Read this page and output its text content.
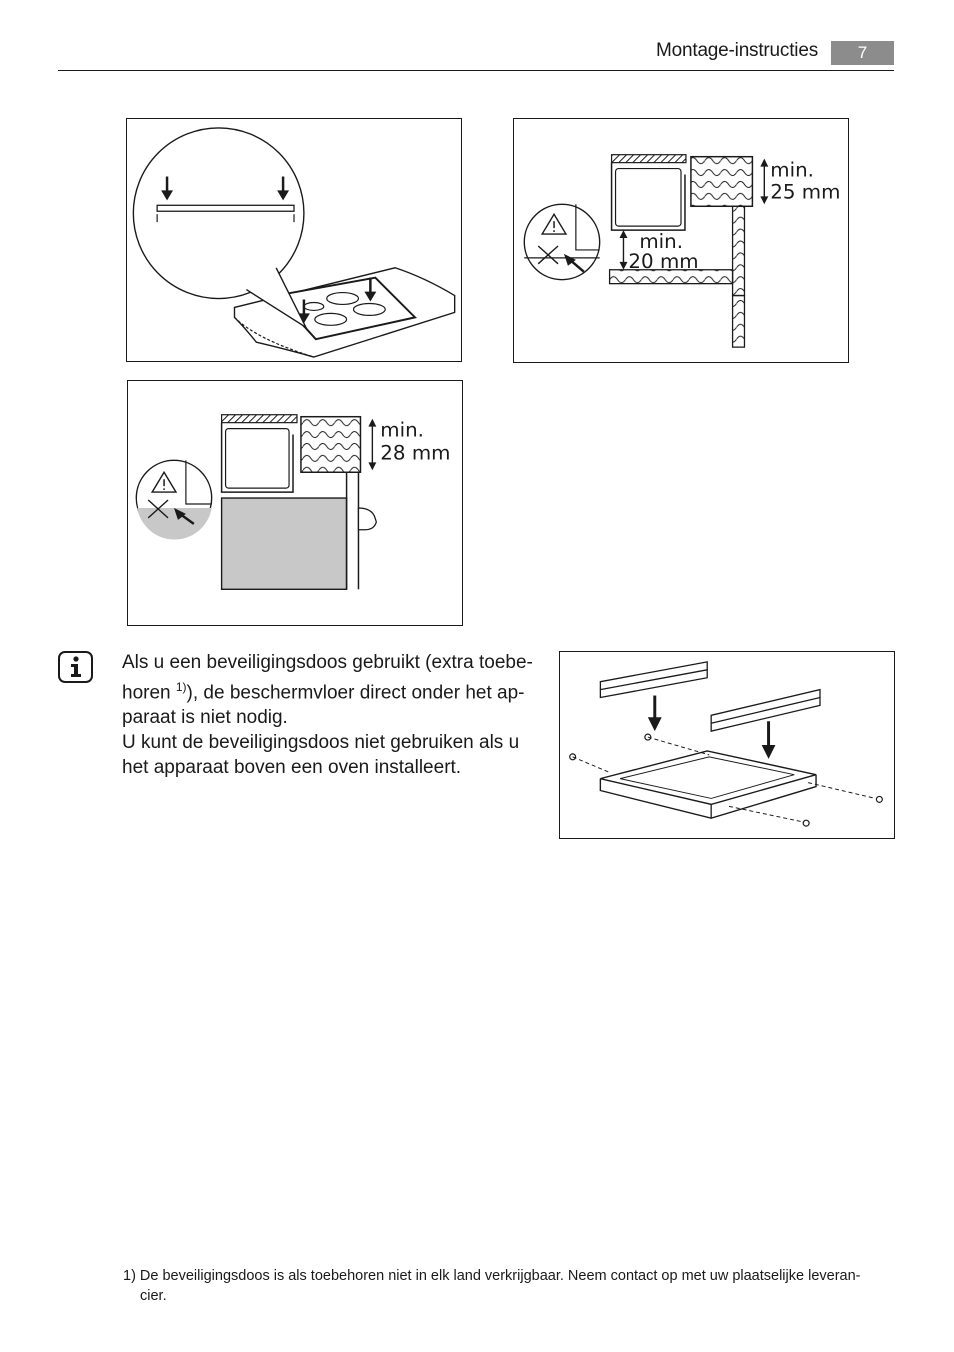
Montage-instructies	7
min.
25 mm
min.
20 mm
min.
28 mm

Als u een beveiligingsdoos gebruikt (extra toebe-

horen $^{1)}$), de beschermvloer direct onder het ap-

paraat is niet nodig.

U kunt de beveiligingsdoos niet gebruiken als u

het apparaat boven een oven installeert.

1) De beveiligingsdoos is als toebehoren niet in elk land verkrijgbaar. Neem contact op met uw plaatselijke leveran-
cier.
